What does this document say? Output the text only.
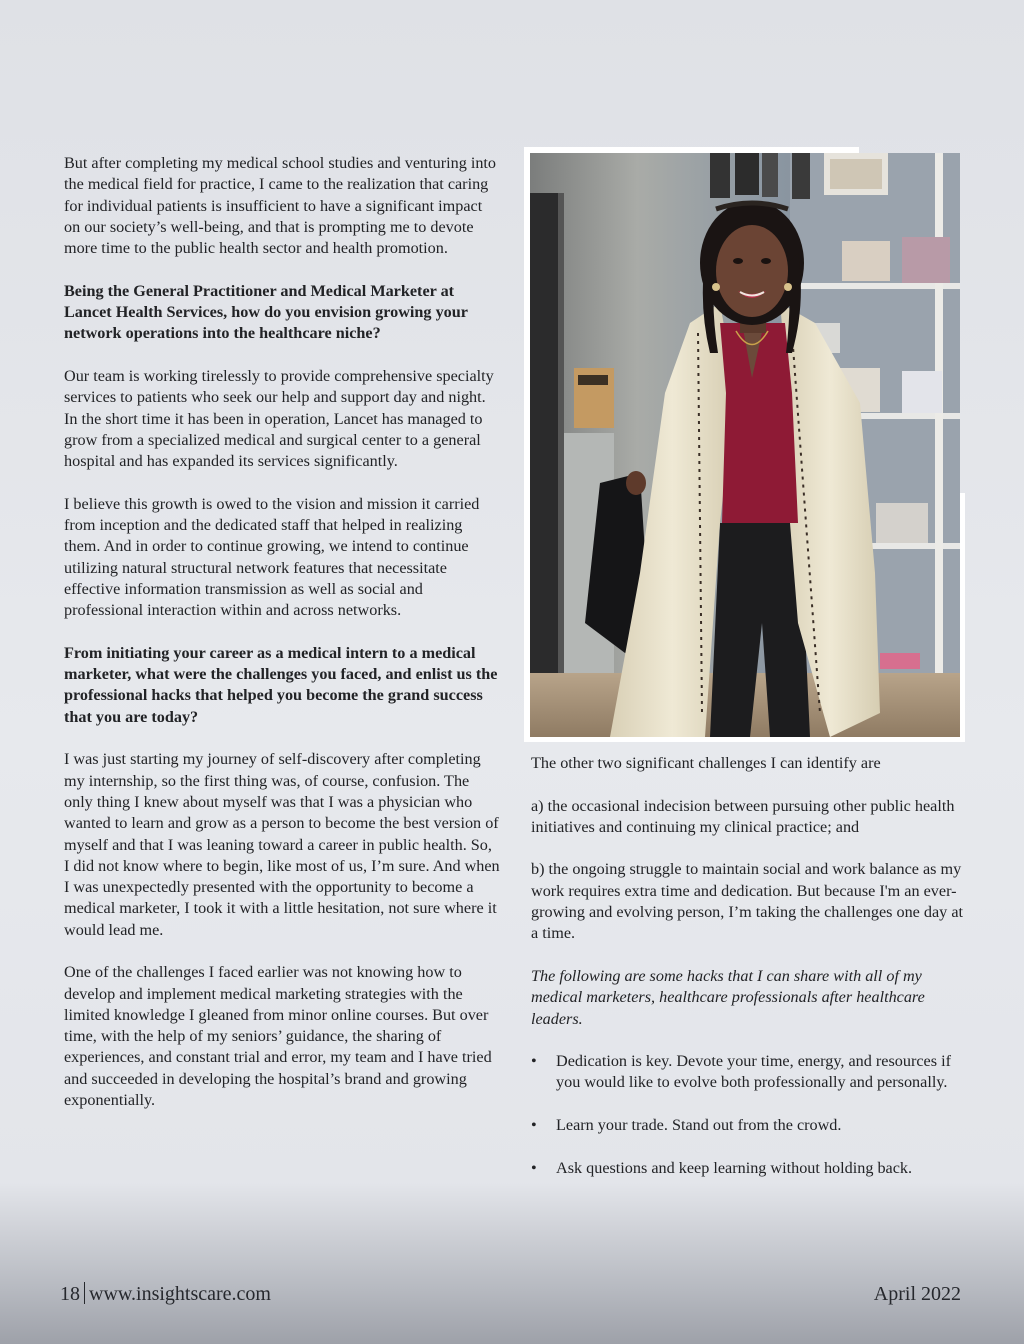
But after completing my medical school studies and venturing into the medical field for practice, I came to the realization that caring for individual patients is insufficient to have a significant impact on our society’s well-being, and that is prompting me to devote more time to the public health sector and health promotion.

Being the General Practitioner and Medical Marketer at Lancet Health Services, how do you envision growing your network operations into the healthcare niche?

Our team is working tirelessly to provide comprehensive specialty services to patients who seek our help and support day and night. In the short time it has been in operation, Lancet has managed to grow from a specialized medical and surgical center to a general hospital and has expanded its services significantly.

I believe this growth is owed to the vision and mission it carried from inception and the dedicated staff that helped in realizing them. And in order to continue growing, we intend to continue utilizing natural structural network features that necessitate effective information transmission as well as social and professional interaction within and across networks.

From initiating your career as a medical intern to a medical marketer, what were the challenges you faced, and enlist us the professional hacks that helped you become the grand success that you are today?

I was just starting my journey of self-discovery after completing my internship, so the first thing was, of course, confusion. The only thing I knew about myself was that I was a physician who wanted to learn and grow as a person to become the best version of myself and that I was leaning toward a career in public health. So, I did not know where to begin, like most of us, I’m sure. And when I was unexpectedly presented with the opportunity to become a medical marketer, I took it with a little hesitation, not sure where it would lead me.

One of the challenges I faced earlier was not knowing how to develop and implement medical marketing strategies with the limited knowledge I gleaned from minor online courses. But over time, with the help of my seniors’ guidance, the sharing of experiences, and constant trial and error, my team and I have tried and succeeded in developing the hospital’s brand and growing exponentially.

The other two significant challenges I can identify are

a) the occasional indecision between pursuing other public health initiatives and continuing my clinical practice; and

b) the ongoing struggle to maintain social and work balance as my work requires extra time and dedication. But because I'm an ever-growing and evolving person, I’m taking the challenges one day at a time.

The following are some hacks that I can share with all of my medical marketers, healthcare professionals after healthcare leaders.

• Dedication is key. Devote your time, energy, and resources if you would like to evolve both professionally and personally.
• Learn your trade. Stand out from the crowd.
• Ask questions and keep learning without holding back.
18 www.insightscare.com	April 2022
